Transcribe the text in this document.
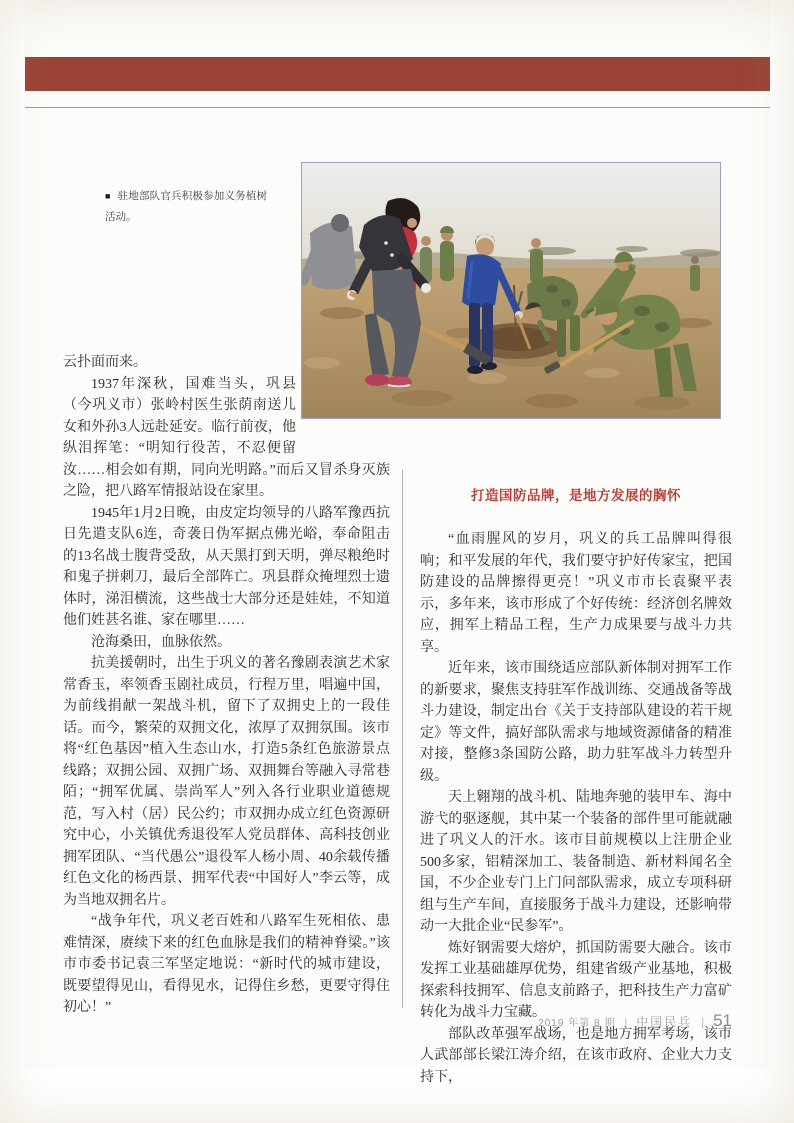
■ 驻地部队官兵积极参加义务植树活动。

云扑面而来。

1937年深秋，国难当头，巩县（今巩义市）张岭村医生张荫南送儿女和外孙3人远赴延安。临行前夜，他纵泪挥笔：“明知行役苦，不忍便留汝……相会如有期，同向光明路。”而后又冒杀身灭族之险，把八路军情报站设在家里。

1945年1月2日晚，由皮定均领导的八路军豫西抗日先遣支队6连，奇袭日伪军据点佛光峪，奉命阻击的13名战士腹背受敌，从天黑打到天明，弹尽粮绝时和鬼子拼刺刀，最后全部阵亡。巩县群众掩埋烈士遗体时，涕泪横流，这些战士大部分还是娃娃，不知道他们姓甚名谁、家在哪里……

沧海桑田，血脉依然。

抗美援朝时，出生于巩义的著名豫剧表演艺术家常香玉，率领香玉剧社成员，行程万里，唱遍中国，为前线捐献一架战斗机，留下了双拥史上的一段佳话。而今，繁荣的双拥文化，浓厚了双拥氛围。该市将“红色基因”植入生态山水，打造5条红色旅游景点线路；双拥公园、双拥广场、双拥舞台等融入寻常巷陌；“拥军优属、崇尚军人”列入各行业职业道德规范，写入村（居）民公约；市双拥办成立红色资源研究中心，小关镇优秀退役军人党员群体、高科技创业拥军团队、“当代愚公”退役军人杨小周、40余载传播红色文化的杨西景、拥军代表“中国好人”李云等，成为当地双拥名片。

“战争年代，巩义老百姓和八路军生死相依、患难情深，赓续下来的红色血脉是我们的精神脊梁。”该市市委书记袁三军坚定地说：“新时代的城市建设，既要望得见山，看得见水，记得住乡愁，更要守得住初心！”

打造国防品牌，是地方发展的胸怀

“血雨腥风的岁月，巩义的兵工品牌叫得很响；和平发展的年代，我们要守护好传家宝，把国防建设的品牌擦得更亮！”巩义市市长袁聚平表示，多年来，该市形成了个好传统：经济创名牌效应，拥军上精品工程，生产力成果要与战斗力共享。

近年来，该市围绕适应部队新体制对拥军工作的新要求，聚焦支持驻军作战训练、交通战备等战斗力建设，制定出台《关于支持部队建设的若干规定》等文件，搞好部队需求与地域资源储备的精准对接，整修3条国防公路，助力驻军战斗力转型升级。

天上翱翔的战斗机、陆地奔驰的装甲车、海中游弋的驱逐舰，其中某一个装备的部件里可能就融进了巩义人的汗水。该市目前规模以上注册企业500多家，铝精深加工、装备制造、新材料闻名全国，不少企业专门上门问部队需求，成立专项科研组与生产车间，直接服务于战斗力建设，还影响带动一大批企业“民参军”。

炼好钢需要大熔炉，抓国防需要大融合。该市发挥工业基础雄厚优势，组建省级产业基地，积极探索科技拥军、信息支前路子，把科技生产力富矿转化为战斗力宝藏。

部队改革强军战场，也是地方拥军考场，该市人武部部长梁江涛介绍，在该市政府、企业大力支持下，

2019 年第 8 期 | 中国民兵 | 51
